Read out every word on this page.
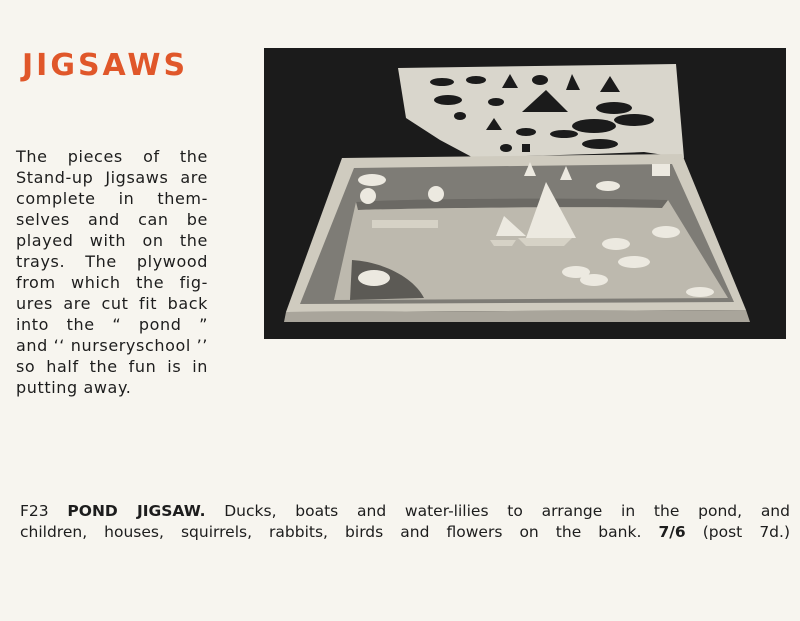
JIGSAWS
The pieces of the
Stand-up Jigsaws are
complete in them-
selves and can be
played with on the
trays. The plywood
from which the fig-
ures are cut fit back
into the “ pond ”
and ‘‘ nurseryschool ’’
so half the fun is in
putting away.
F23 POND JIGSAW. Ducks, boats and water-lilies to arrange in the pond, and
children, houses, squirrels, rabbits, birds and flowers on the bank. 7/6 (post 7d.)
